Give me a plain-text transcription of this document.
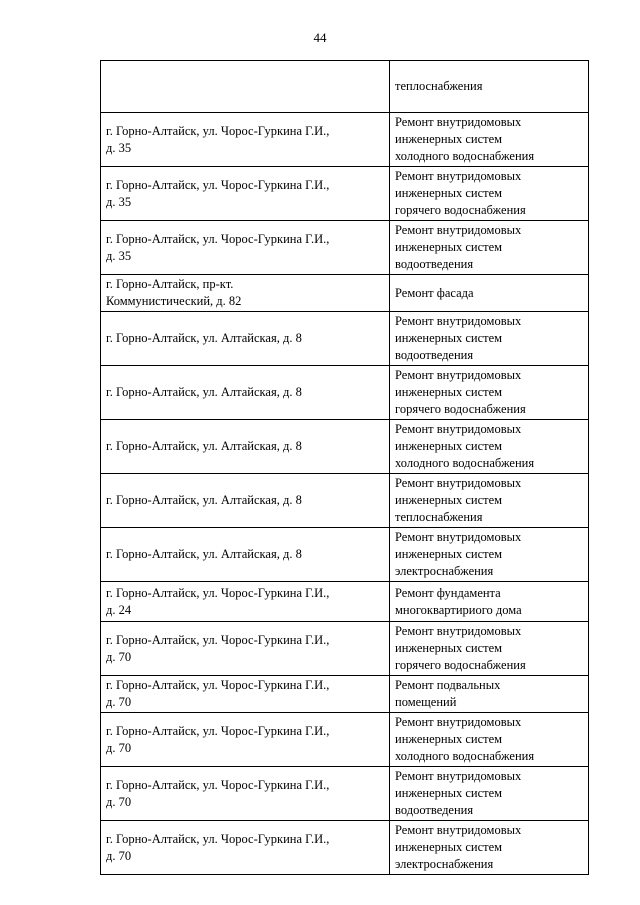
44
	теплоснабжения
г. Горно-Алтайск, ул. Чорос-Гуркина Г.И.,
д. 35	Ремонт внутридомовых
инженерных систем
холодного водоснабжения
г. Горно-Алтайск, ул. Чорос-Гуркина Г.И.,
д. 35	Ремонт внутридомовых
инженерных систем
горячего водоснабжения
г. Горно-Алтайск, ул. Чорос-Гуркина Г.И.,
д. 35	Ремонт внутридомовых
инженерных систем
водоотведения
г. Горно-Алтайск, пр-кт.
Коммунистический, д. 82	Ремонт фасада
г. Горно-Алтайск, ул. Алтайская, д. 8	Ремонт внутридомовых
инженерных систем
водоотведения
г. Горно-Алтайск, ул. Алтайская, д. 8	Ремонт внутридомовых
инженерных систем
горячего водоснабжения
г. Горно-Алтайск, ул. Алтайская, д. 8	Ремонт внутридомовых
инженерных систем
холодного водоснабжения
г. Горно-Алтайск, ул. Алтайская, д. 8	Ремонт внутридомовых
инженерных систем
теплоснабжения
г. Горно-Алтайск, ул. Алтайская, д. 8	Ремонт внутридомовых
инженерных систем
электроснабжения
г. Горно-Алтайск, ул. Чорос-Гуркина Г.И.,
д. 24	Ремонт фундамента
многоквартириого дома
г. Горно-Алтайск, ул. Чорос-Гуркина Г.И.,
д. 70	Ремонт внутридомовых
инженерных систем
горячего водоснабжения
г. Горно-Алтайск, ул. Чорос-Гуркина Г.И.,
д. 70	Ремонт подвальных
помещений
г. Горно-Алтайск, ул. Чорос-Гуркина Г.И.,
д. 70	Ремонт внутридомовых
инженерных систем
холодного водоснабжения
г. Горно-Алтайск, ул. Чорос-Гуркина Г.И.,
д. 70	Ремонт внутридомовых
инженерных систем
водоотведения
г. Горно-Алтайск, ул. Чорос-Гуркина Г.И.,
д. 70	Ремонт внутридомовых
инженерных систем
электроснабжения
